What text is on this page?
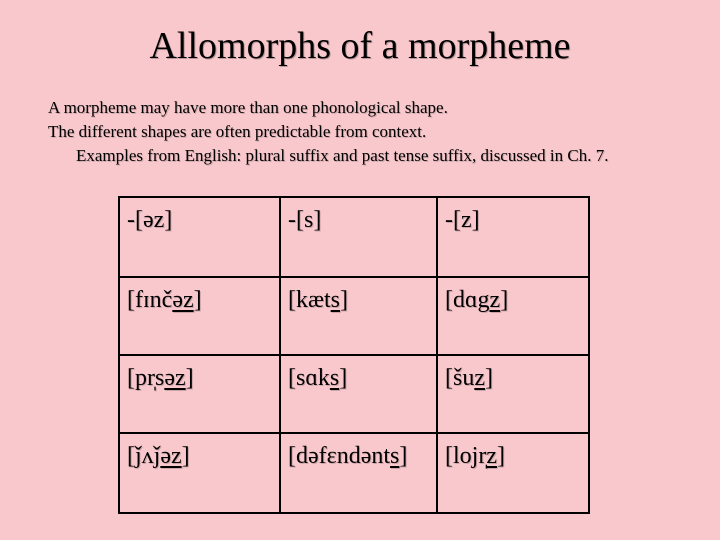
Allomorphs of a morpheme
A morpheme may have more than one phonological shape.
The different shapes are often predictable from context.
Examples from English: plural suffix and past tense suffix, discussed in Ch. 7.
-[əz]	-[s]	-[z]
[fɪnčəz]	[kæts]	[dɑgz]
[pr̩səz]	[sɑks]	[šuz]
[ǰʌǰəz]	[dəfɛndənts]	[lojr̩z]
